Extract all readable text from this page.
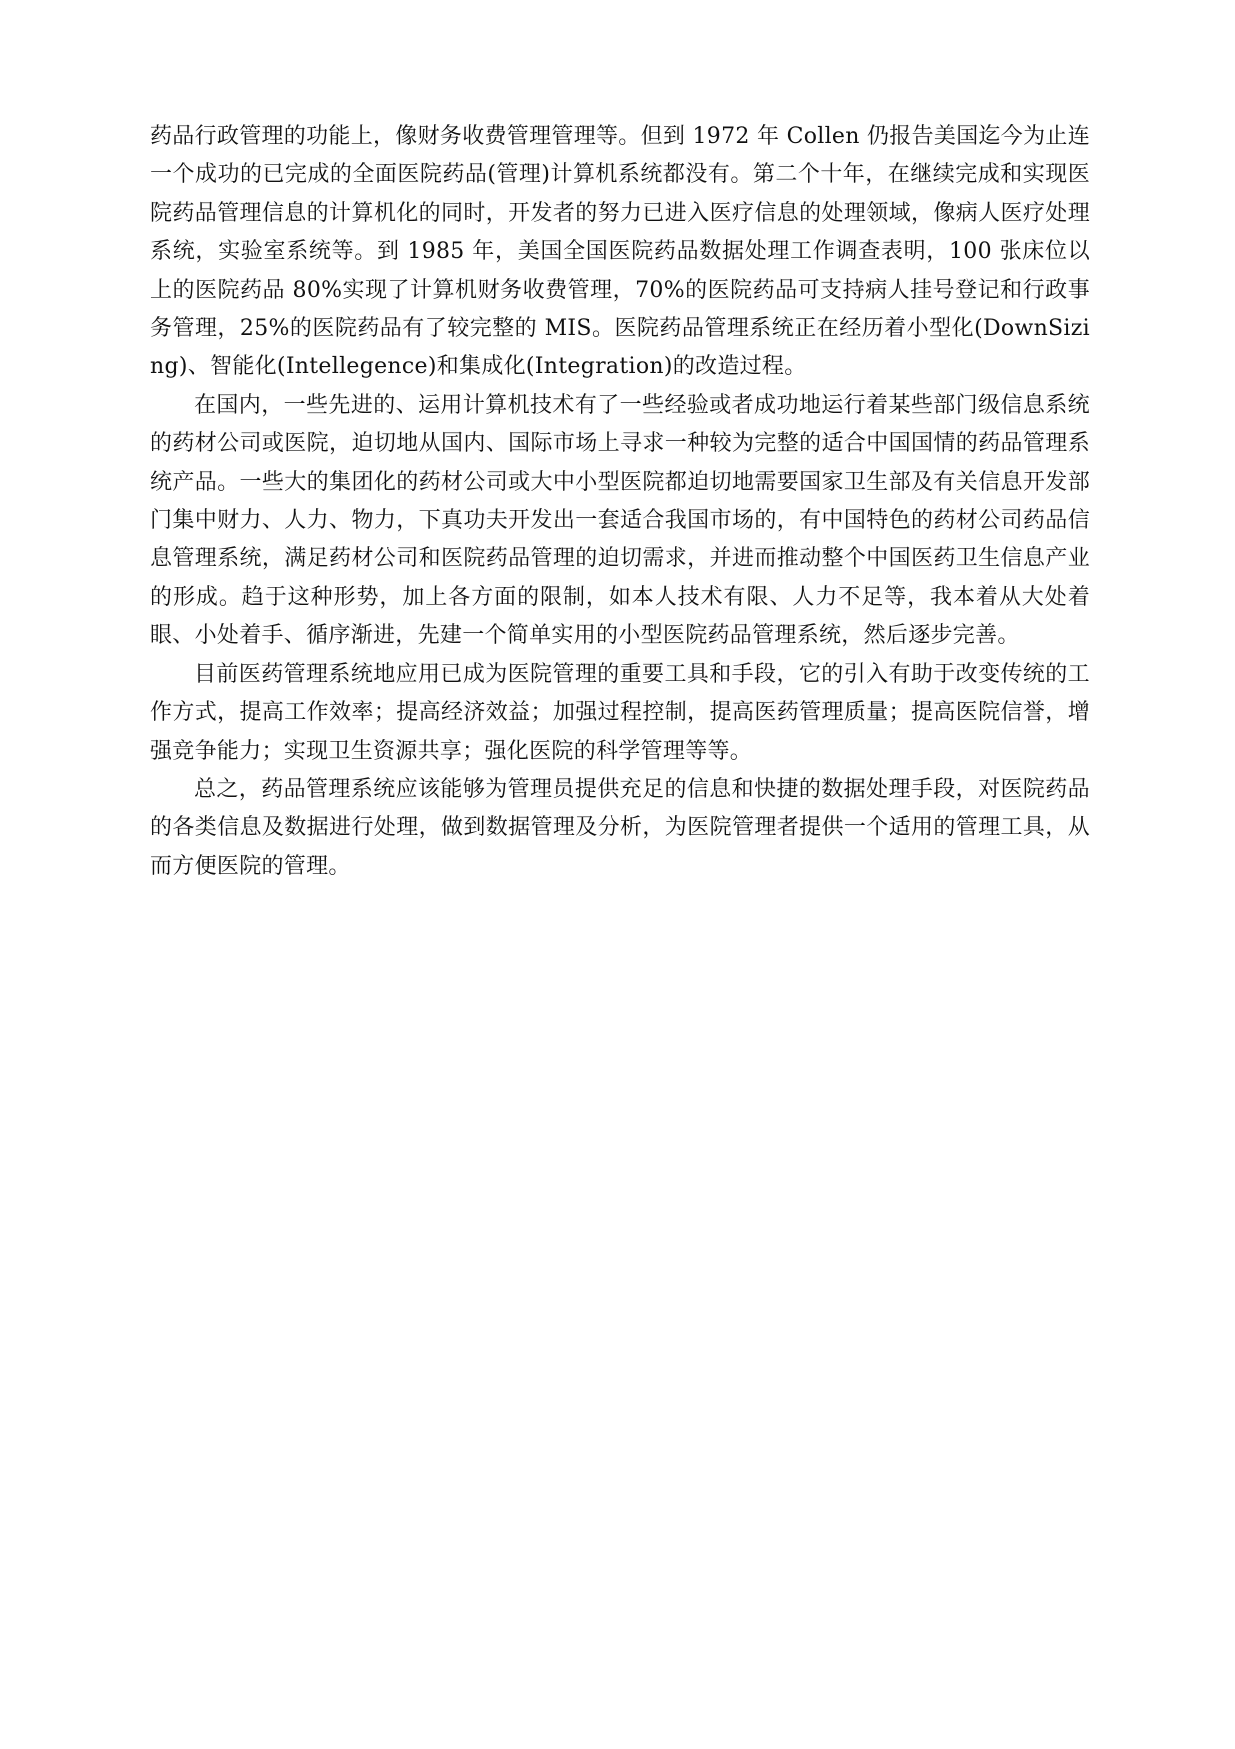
药品行政管理的功能上，像财务收费管理管理等。但到 1972 年 Collen 仍报告美国迄今为止连一个成功的已完成的全面医院药品(管理)计算机系统都没有。第二个十年，在继续完成和实现医院药品管理信息的计算机化的同时，开发者的努力已进入医疗信息的处理领域，像病人医疗处理系统，实验室系统等。到 1985 年，美国全国医院药品数据处理工作调查表明，100 张床位以上的医院药品 80%实现了计算机财务收费管理，70%的医院药品可支持病人挂号登记和行政事务管理，25%的医院药品有了较完整的 MIS。医院药品管理系统正在经历着小型化(DownSizing)、智能化(Intellegence)和集成化(Integration)的改造过程。

在国内，一些先进的、运用计算机技术有了一些经验或者成功地运行着某些部门级信息系统的药材公司或医院，迫切地从国内、国际市场上寻求一种较为完整的适合中国国情的药品管理系统产品。一些大的集团化的药材公司或大中小型医院都迫切地需要国家卫生部及有关信息开发部门集中财力、人力、物力，下真功夫开发出一套适合我国市场的，有中国特色的药材公司药品信息管理系统，满足药材公司和医院药品管理的迫切需求，并进而推动整个中国医药卫生信息产业的形成。趋于这种形势，加上各方面的限制，如本人技术有限、人力不足等，我本着从大处着眼、小处着手、循序渐进，先建一个简单实用的小型医院药品管理系统，然后逐步完善。

目前医药管理系统地应用已成为医院管理的重要工具和手段，它的引入有助于改变传统的工作方式，提高工作效率；提高经济效益；加强过程控制，提高医药管理质量；提高医院信誉，增强竞争能力；实现卫生资源共享；强化医院的科学管理等等。

总之，药品管理系统应该能够为管理员提供充足的信息和快捷的数据处理手段，对医院药品的各类信息及数据进行处理，做到数据管理及分析，为医院管理者提供一个适用的管理工具，从而方便医院的管理。
